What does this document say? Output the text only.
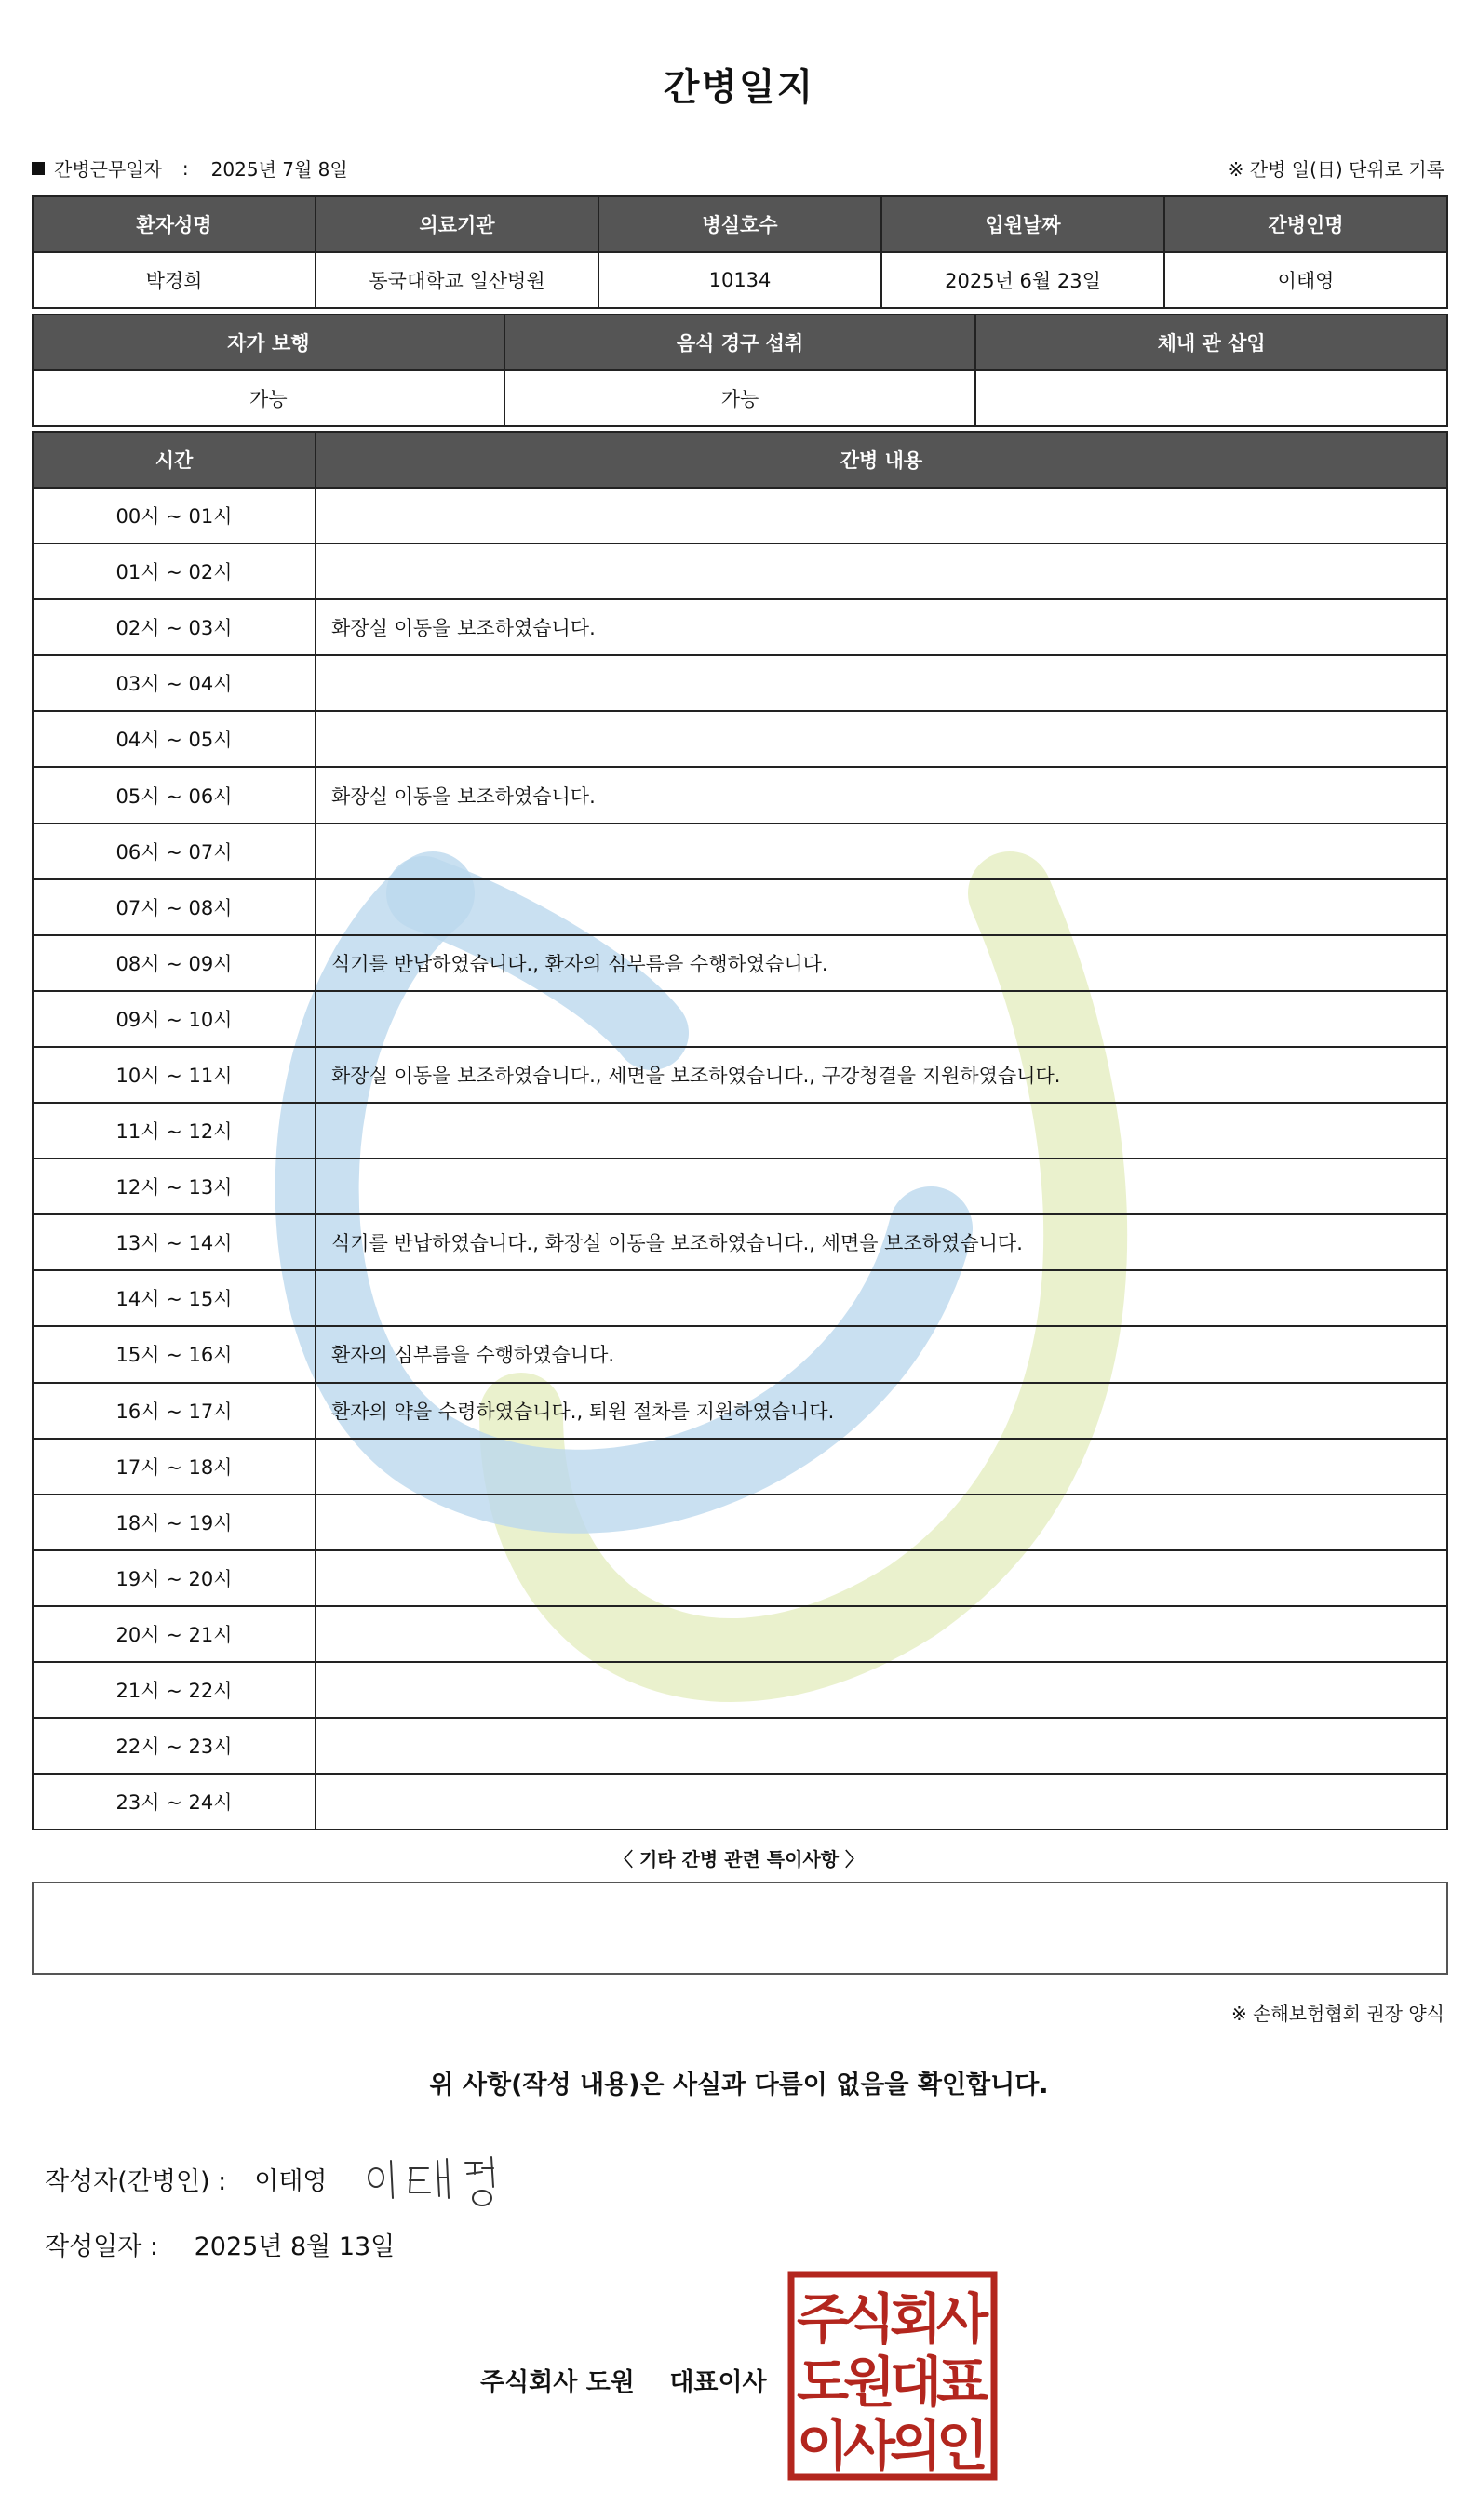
간병일지
간병근무일자 : 2025년 7월 8일	※ 간병 일(日) 단위로 기록
환자성명	의료기관	병실호수	입원날짜	간병인명
박경희	동국대학교 일산병원	10134	2025년 6월 23일	이태영
자가 보행	음식 경구 섭취	체내 관 삽입
가능	가능	
시간	간병 내용
00시 ~ 01시	
01시 ~ 02시	
02시 ~ 03시	화장실 이동을 보조하였습니다.
03시 ~ 04시	
04시 ~ 05시	
05시 ~ 06시	화장실 이동을 보조하였습니다.
06시 ~ 07시	
07시 ~ 08시	
08시 ~ 09시	식기를 반납하였습니다., 환자의 심부름을 수행하였습니다.
09시 ~ 10시	
10시 ~ 11시	화장실 이동을 보조하였습니다., 세면을 보조하였습니다., 구강청결을 지원하였습니다.
11시 ~ 12시	
12시 ~ 13시	
13시 ~ 14시	식기를 반납하였습니다., 화장실 이동을 보조하였습니다., 세면을 보조하였습니다.
14시 ~ 15시	
15시 ~ 16시	환자의 심부름을 수행하였습니다.
16시 ~ 17시	환자의 약을 수령하였습니다., 퇴원 절차를 지원하였습니다.
17시 ~ 18시	
18시 ~ 19시	
19시 ~ 20시	
20시 ~ 21시	
21시 ~ 22시	
22시 ~ 23시	
23시 ~ 24시	
〈 기타 간병 관련 특이사항 〉
※ 손해보험협회 권장 양식
위 사항(작성 내용)은 사실과 다름이 없음을 확인합니다.
작성자(간병인) : 이태영
작성일자 : 2025년 8월 13일
주식회사 도원 대표이사
주
식
회
사
도
원
대
표
이
사
의
인
